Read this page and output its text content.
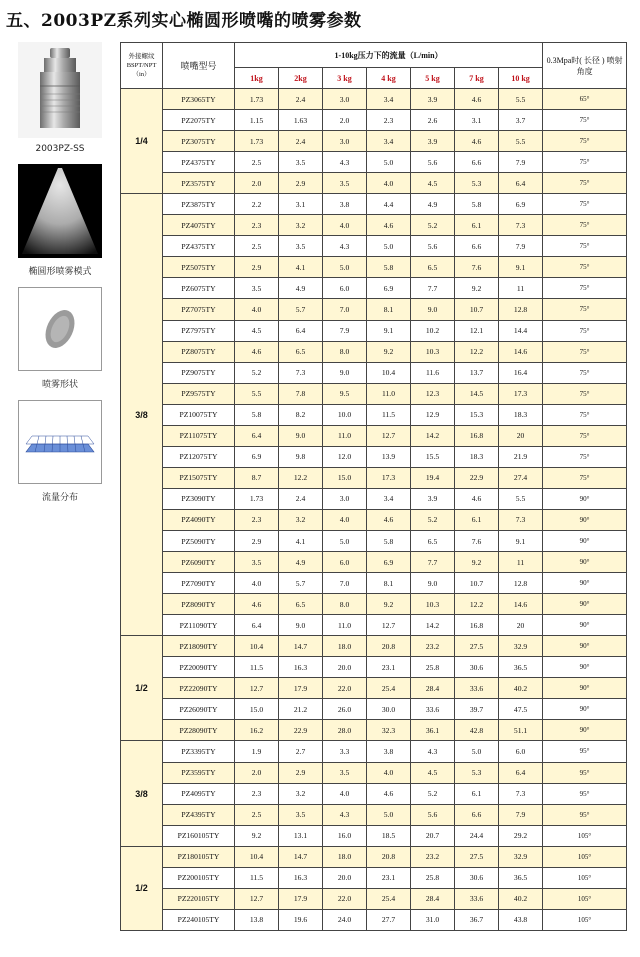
五、2003PZ系列实心椭圆形喷嘴的喷雾参数
2003PZ-SS
椭圆形喷雾模式
喷雾形状
流量分布
外接螺纹 BSPT/NPT （in）	喷嘴型号	1-10kg压力下的流量（L/min）							0.3Mpa时( 长径 ) 喷射角度
		1kg	2kg	3 kg	4 kg	5 kg	7 kg	10 kg	
1/4	PZ3065TY	1.73	2.4	3.0	3.4	3.9	4.6	5.5	65°
	PZ2075TY	1.15	1.63	2.0	2.3	2.6	3.1	3.7	75°
	PZ3075TY	1.73	2.4	3.0	3.4	3.9	4.6	5.5	75°
	PZ4375TY	2.5	3.5	4.3	5.0	5.6	6.6	7.9	75°
	PZ3575TY	2.0	2.9	3.5	4.0	4.5	5.3	6.4	75°
3/8	PZ3875TY	2.2	3.1	3.8	4.4	4.9	5.8	6.9	75°
	PZ4075TY	2.3	3.2	4.0	4.6	5.2	6.1	7.3	75°
	PZ4375TY	2.5	3.5	4.3	5.0	5.6	6.6	7.9	75°
	PZ5075TY	2.9	4.1	5.0	5.8	6.5	7.6	9.1	75°
	PZ6075TY	3.5	4.9	6.0	6.9	7.7	9.2	11	75°
	PZ7075TY	4.0	5.7	7.0	8.1	9.0	10.7	12.8	75°
	PZ7975TY	4.5	6.4	7.9	9.1	10.2	12.1	14.4	75°
	PZ8075TY	4.6	6.5	8.0	9.2	10.3	12.2	14.6	75°
	PZ9075TY	5.2	7.3	9.0	10.4	11.6	13.7	16.4	75°
	PZ9575TY	5.5	7.8	9.5	11.0	12.3	14.5	17.3	75°
	PZ10075TY	5.8	8.2	10.0	11.5	12.9	15.3	18.3	75°
	PZ11075TY	6.4	9.0	11.0	12.7	14.2	16.8	20	75°
	PZ12075TY	6.9	9.8	12.0	13.9	15.5	18.3	21.9	75°
	PZ15075TY	8.7	12.2	15.0	17.3	19.4	22.9	27.4	75°
	PZ3090TY	1.73	2.4	3.0	3.4	3.9	4.6	5.5	90°
	PZ4090TY	2.3	3.2	4.0	4.6	5.2	6.1	7.3	90°
	PZ5090TY	2.9	4.1	5.0	5.8	6.5	7.6	9.1	90°
	PZ6090TY	3.5	4.9	6.0	6.9	7.7	9.2	11	90°
	PZ7090TY	4.0	5.7	7.0	8.1	9.0	10.7	12.8	90°
	PZ8090TY	4.6	6.5	8.0	9.2	10.3	12.2	14.6	90°
	PZ11090TY	6.4	9.0	11.0	12.7	14.2	16.8	20	90°
1/2	PZ18090TY	10.4	14.7	18.0	20.8	23.2	27.5	32.9	90°
	PZ20090TY	11.5	16.3	20.0	23.1	25.8	30.6	36.5	90°
	PZ22090TY	12.7	17.9	22.0	25.4	28.4	33.6	40.2	90°
	PZ26090TY	15.0	21.2	26.0	30.0	33.6	39.7	47.5	90°
	PZ28090TY	16.2	22.9	28.0	32.3	36.1	42.8	51.1	90°
3/8	PZ3395TY	1.9	2.7	3.3	3.8	4.3	5.0	6.0	95°
	PZ3595TY	2.0	2.9	3.5	4.0	4.5	5.3	6.4	95°
	PZ4095TY	2.3	3.2	4.0	4.6	5.2	6.1	7.3	95°
	PZ4395TY	2.5	3.5	4.3	5.0	5.6	6.6	7.9	95°
	PZ160105TY	9.2	13.1	16.0	18.5	20.7	24.4	29.2	105°
1/2	PZ180105TY	10.4	14.7	18.0	20.8	23.2	27.5	32.9	105°
	PZ200105TY	11.5	16.3	20.0	23.1	25.8	30.6	36.5	105°
	PZ220105TY	12.7	17.9	22.0	25.4	28.4	33.6	40.2	105°
	PZ240105TY	13.8	19.6	24.0	27.7	31.0	36.7	43.8	105°
